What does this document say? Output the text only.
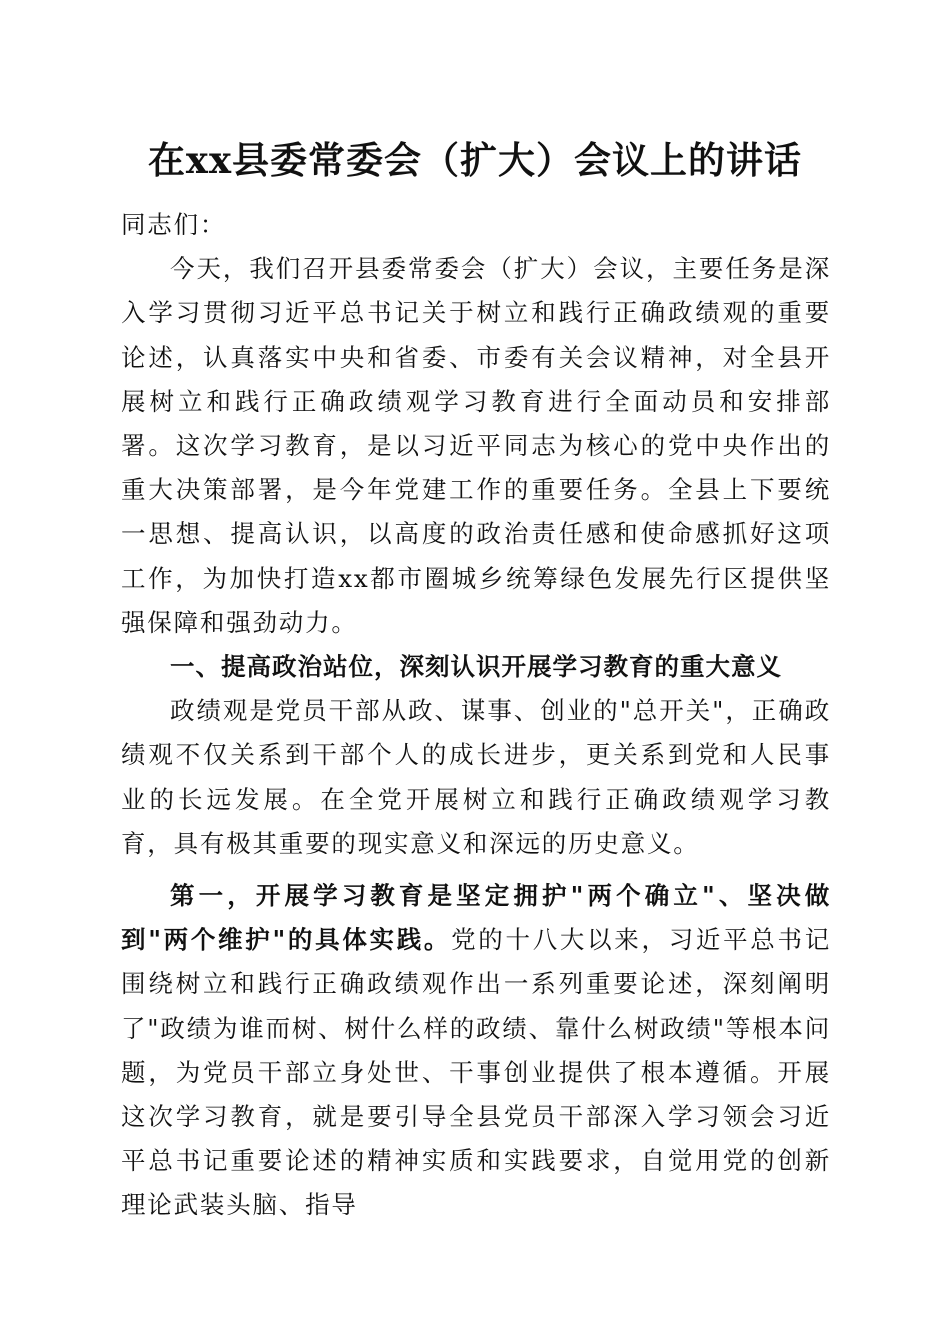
在xx县委常委会（扩大）会议上的讲话

同志们：

今天，我们召开县委常委会（扩大）会议，主要任务是深入学习贯彻习近平总书记关于树立和践行正确政绩观的重要论述，认真落实中央和省委、市委有关会议精神，对全县开展树立和践行正确政绩观学习教育进行全面动员和安排部署。这次学习教育，是以习近平同志为核心的党中央作出的重大决策部署，是今年党建工作的重要任务。全县上下要统一思想、提高认识，以高度的政治责任感和使命感抓好这项工作，为加快打造xx都市圈城乡统筹绿色发展先行区提供坚强保障和强劲动力。

一、提高政治站位，深刻认识开展学习教育的重大意义

政绩观是党员干部从政、谋事、创业的"总开关"，正确政绩观不仅关系到干部个人的成长进步，更关系到党和人民事业的长远发展。在全党开展树立和践行正确政绩观学习教育，具有极其重要的现实意义和深远的历史意义。

第一，开展学习教育是坚定拥护"两个确立"、坚决做到"两个维护"的具体实践。党的十八大以来，习近平总书记围绕树立和践行正确政绩观作出一系列重要论述，深刻阐明了"政绩为谁而树、树什么样的政绩、靠什么树政绩"等根本问题，为党员干部立身处世、干事创业提供了根本遵循。开展这次学习教育，就是要引导全县党员干部深入学习领会习近平总书记重要论述的精神实质和实践要求，自觉用党的创新理论武装头脑、指导
